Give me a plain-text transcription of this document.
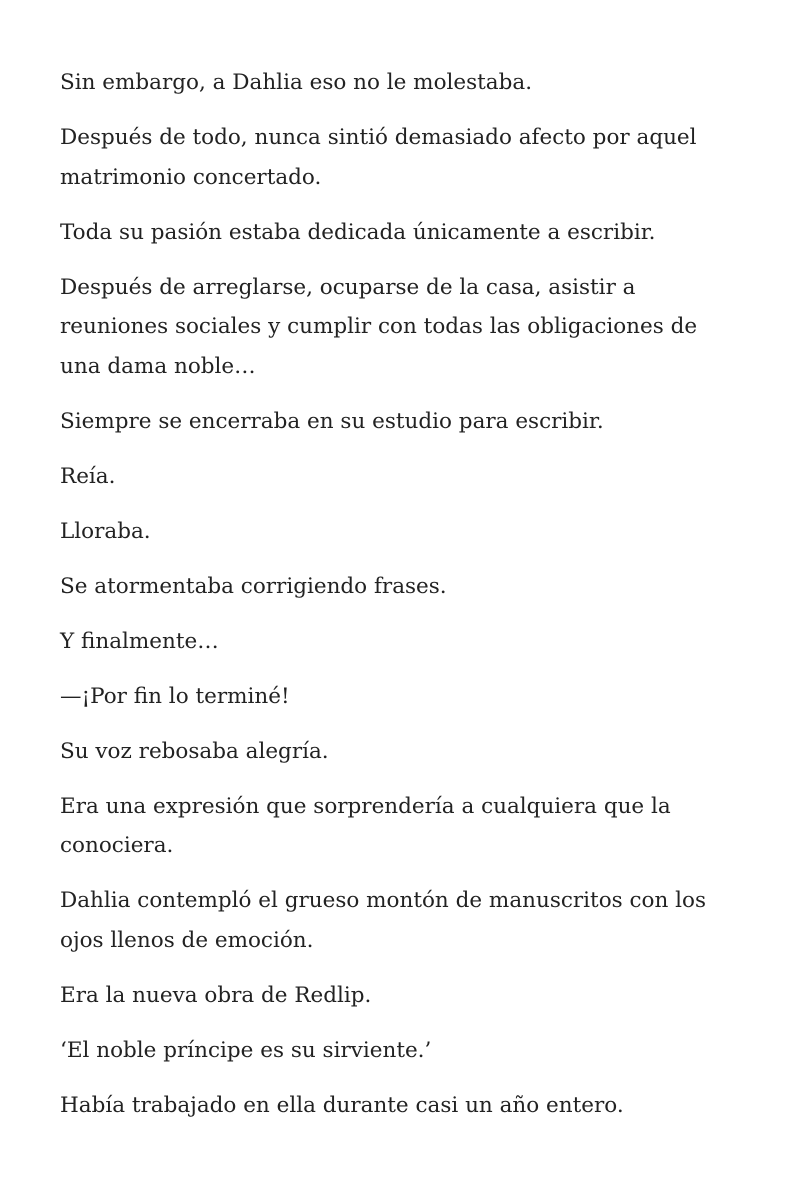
Sin embargo, a Dahlia eso no le molestaba.

Después de todo, nunca sintió demasiado afecto por aquel matrimonio concertado.

Toda su pasión estaba dedicada únicamente a escribir.

Después de arreglarse, ocuparse de la casa, asistir a reuniones sociales y cumplir con todas las obligaciones de una dama noble…

Siempre se encerraba en su estudio para escribir.

Reía.

Lloraba.

Se atormentaba corrigiendo frases.

Y finalmente…

—¡Por fin lo terminé!

Su voz rebosaba alegría.

Era una expresión que sorprendería a cualquiera que la conociera.

Dahlia contempló el grueso montón de manuscritos con los ojos llenos de emoción.

Era la nueva obra de Redlip.

‘El noble príncipe es su sirviente.’

Había trabajado en ella durante casi un año entero.
